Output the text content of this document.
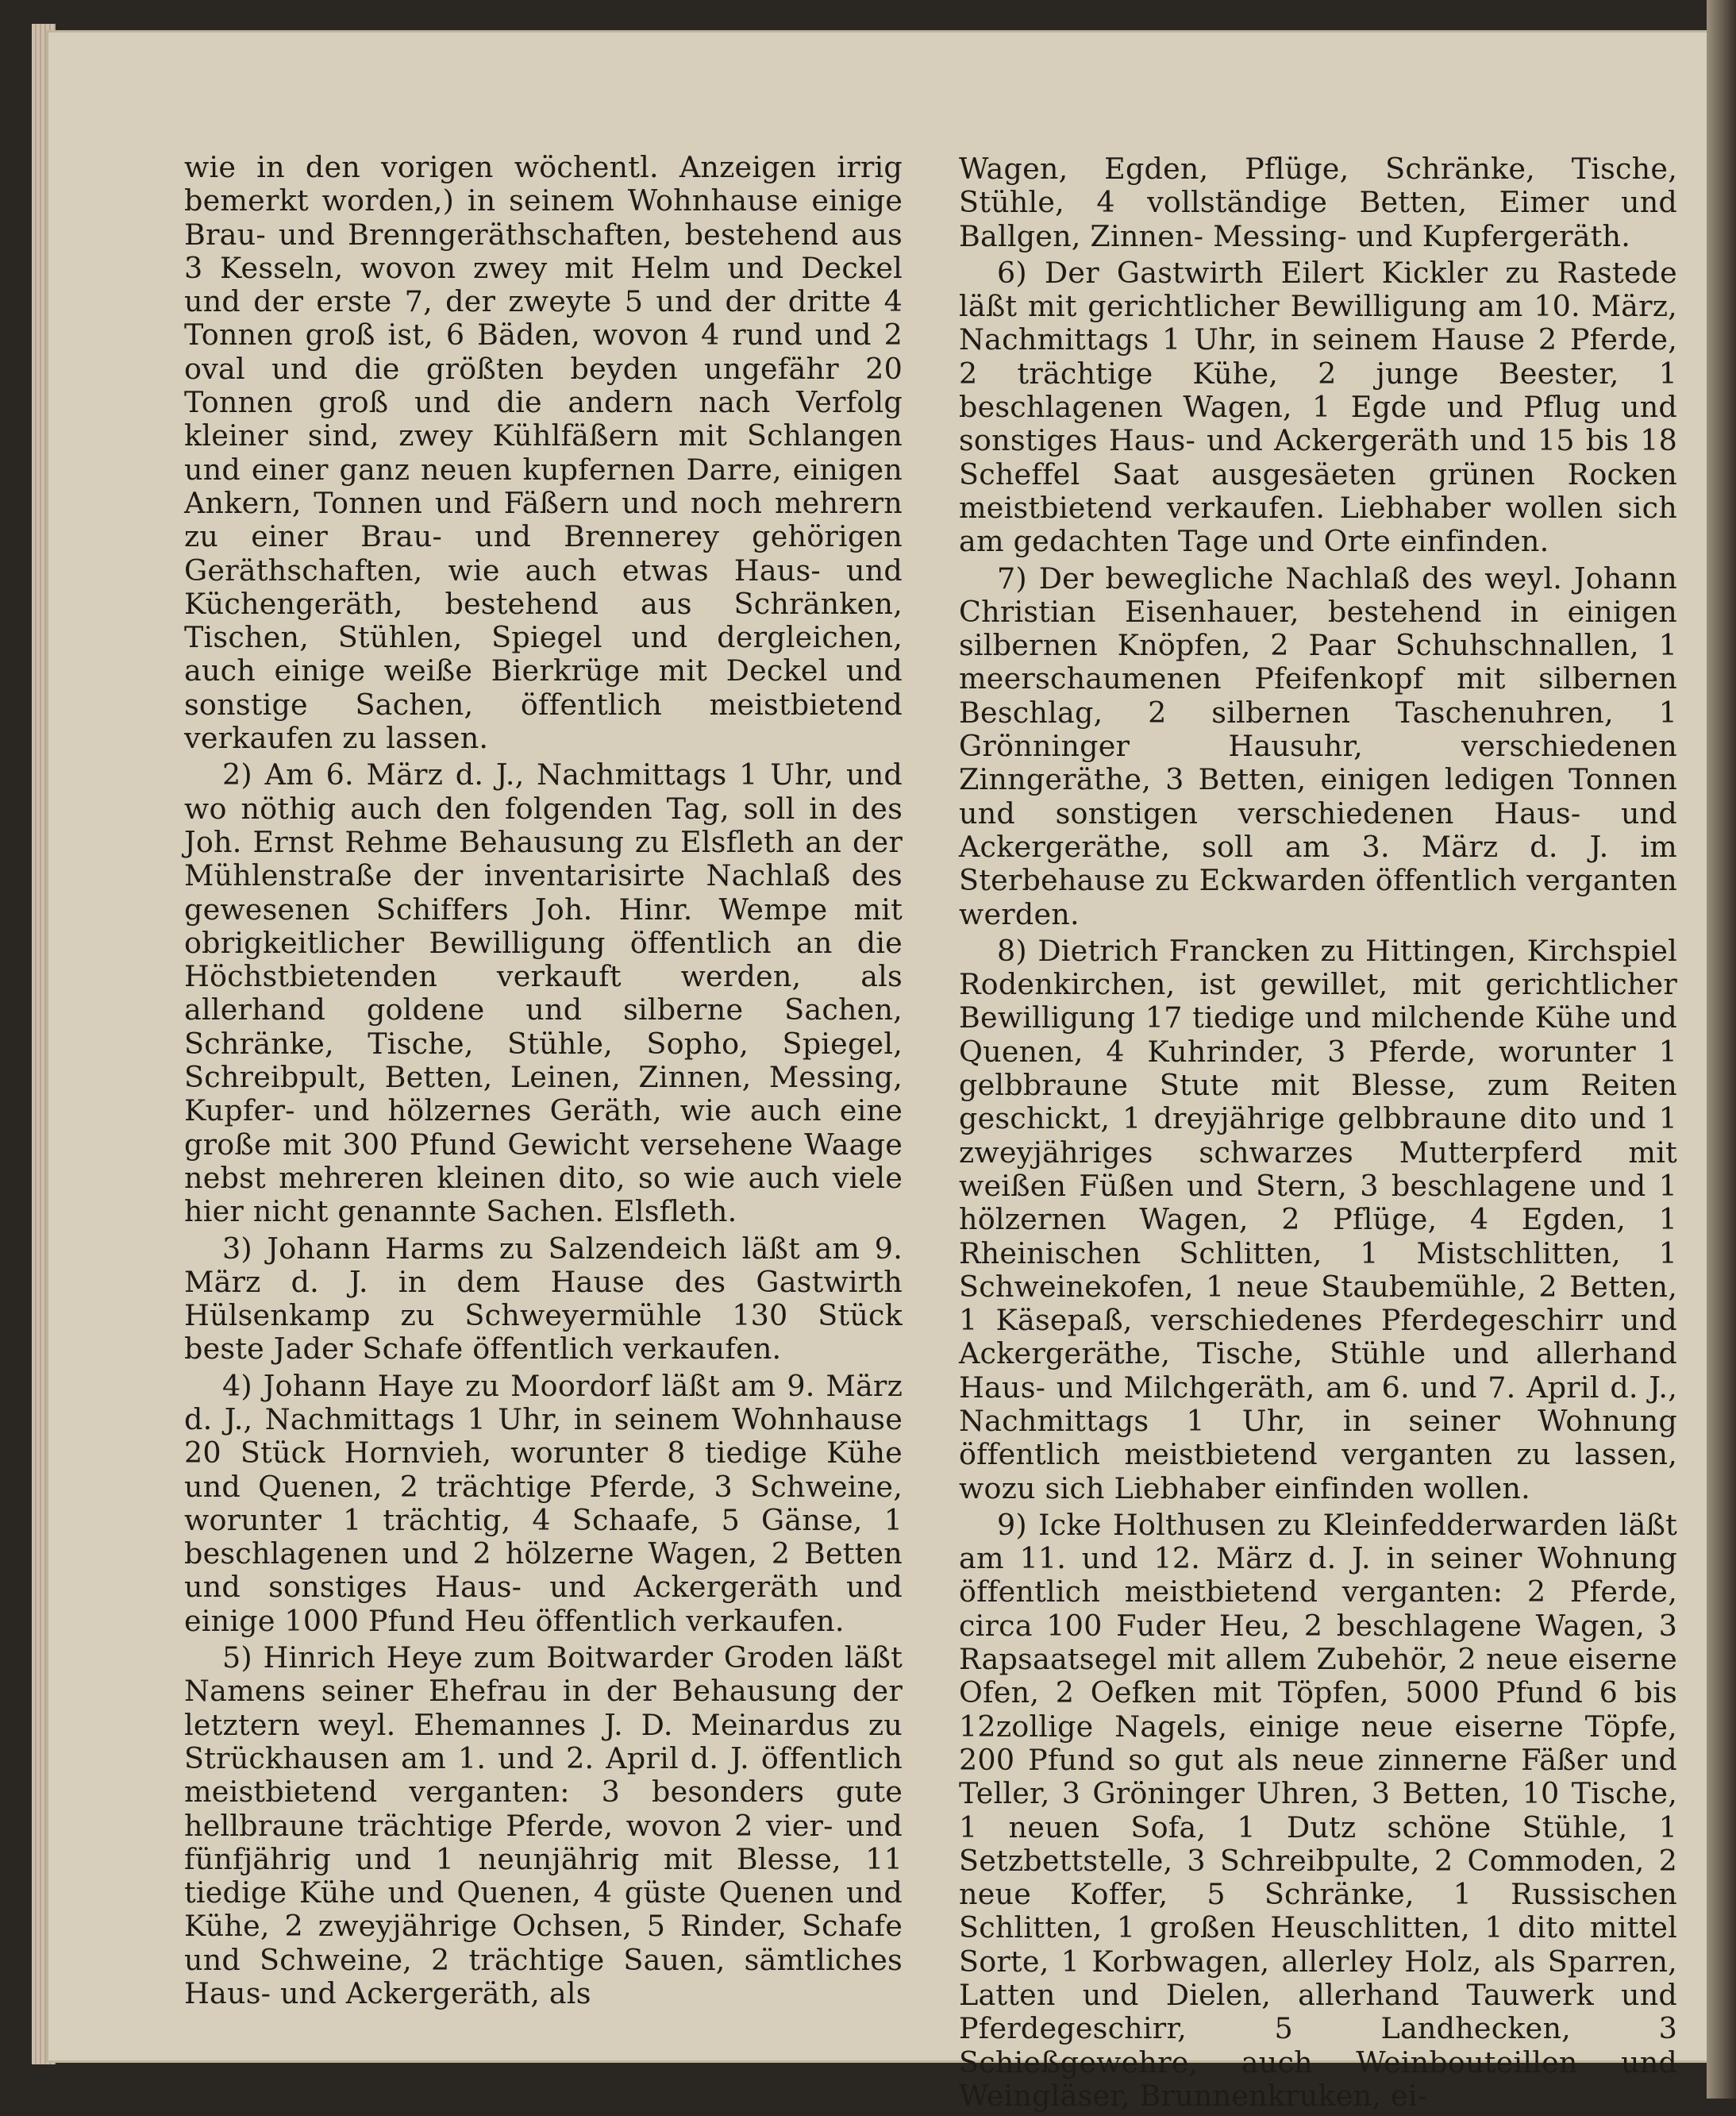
wie in den vorigen wöchentl. Anzeigen irrig bemerkt worden,) in seinem Wohnhause einige Brau- und Brenngeräthschaften, bestehend aus 3 Kesseln, wovon zwey mit Helm und Deckel und der erste 7, der zweyte 5 und der dritte 4 Tonnen groß ist, 6 Bäden, wovon 4 rund und 2 oval und die größten beyden ungefähr 20 Tonnen groß und die andern nach Verfolg kleiner sind, zwey Kühlfäßern mit Schlangen und einer ganz neuen kupfernen Darre, einigen Ankern, Tonnen und Fäßern und noch mehrern zu einer Brau- und Brennerey gehörigen Geräthschaften, wie auch etwas Haus- und Küchengeräth, bestehend aus Schränken, Tischen, Stühlen, Spiegel und dergleichen, auch einige weiße Bierkrüge mit Deckel und sonstige Sachen, öffentlich meistbietend verkaufen zu lassen.

2) Am 6. März d. J., Nachmittags 1 Uhr, und wo nöthig auch den folgenden Tag, soll in des Joh. Ernst Rehme Behausung zu Elsfleth an der Mühlenstraße der inventarisirte Nachlaß des gewesenen Schiffers Joh. Hinr. Wempe mit obrigkeitlicher Bewilligung öffentlich an die Höchstbietenden verkauft werden, als allerhand goldene und silberne Sachen, Schränke, Tische, Stühle, Sopho, Spiegel, Schreibpult, Betten, Leinen, Zinnen, Messing, Kupfer- und hölzernes Geräth, wie auch eine große mit 300 Pfund Gewicht versehene Waage nebst mehreren kleinen dito, so wie auch viele hier nicht genannte Sachen. Elsfleth.

3) Johann Harms zu Salzendeich läßt am 9. März d. J. in dem Hause des Gastwirth Hülsenkamp zu Schweyermühle 130 Stück beste Jader Schafe öffentlich verkaufen.

4) Johann Haye zu Moordorf läßt am 9. März d. J., Nachmittags 1 Uhr, in seinem Wohnhause 20 Stück Hornvieh, worunter 8 tiedige Kühe und Quenen, 2 trächtige Pferde, 3 Schweine, worunter 1 trächtig, 4 Schaafe, 5 Gänse, 1 beschlagenen und 2 hölzerne Wagen, 2 Betten und sonstiges Haus- und Ackergeräth und einige 1000 Pfund Heu öffentlich verkaufen.

5) Hinrich Heye zum Boitwarder Groden läßt Namens seiner Ehefrau in der Behausung der letztern weyl. Ehemannes J. D. Meinardus zu Strückhausen am 1. und 2. April d. J. öffentlich meistbietend verganten: 3 besonders gute hellbraune trächtige Pferde, wovon 2 vier- und fünfjährig und 1 neunjährig mit Blesse, 11 tiedige Kühe und Quenen, 4 güste Quenen und Kühe, 2 zweyjährige Ochsen, 5 Rinder, Schafe und Schweine, 2 trächtige Sauen, sämtliches Haus- und Ackergeräth, als

Wagen, Egden, Pflüge, Schränke, Tische, Stühle, 4 vollständige Betten, Eimer und Ballgen, Zinnen- Messing- und Kupfergeräth.

6) Der Gastwirth Eilert Kickler zu Rastede läßt mit gerichtlicher Bewilligung am 10. März, Nachmittags 1 Uhr, in seinem Hause 2 Pferde, 2 trächtige Kühe, 2 junge Beester, 1 beschlagenen Wagen, 1 Egde und Pflug und sonstiges Haus- und Ackergeräth und 15 bis 18 Scheffel Saat ausgesäeten grünen Rocken meistbietend verkaufen. Liebhaber wollen sich am gedachten Tage und Orte einfinden.

7) Der bewegliche Nachlaß des weyl. Johann Christian Eisenhauer, bestehend in einigen silbernen Knöpfen, 2 Paar Schuhschnallen, 1 meerschaumenen Pfeifenkopf mit silbernen Beschlag, 2 silbernen Taschenuhren, 1 Grönninger Hausuhr, verschiedenen Zinngeräthe, 3 Betten, einigen ledigen Tonnen und sonstigen verschiedenen Haus- und Ackergeräthe, soll am 3. März d. J. im Sterbehause zu Eckwarden öffentlich verganten werden.

8) Dietrich Francken zu Hittingen, Kirchspiel Rodenkirchen, ist gewillet, mit gerichtlicher Bewilligung 17 tiedige und milchende Kühe und Quenen, 4 Kuhrinder, 3 Pferde, worunter 1 gelbbraune Stute mit Blesse, zum Reiten geschickt, 1 dreyjährige gelbbraune dito und 1 zweyjähriges schwarzes Mutterpferd mit weißen Füßen und Stern, 3 beschlagene und 1 hölzernen Wagen, 2 Pflüge, 4 Egden, 1 Rheinischen Schlitten, 1 Mistschlitten, 1 Schweinekofen, 1 neue Staubemühle, 2 Betten, 1 Käsepaß, verschiedenes Pferdegeschirr und Ackergeräthe, Tische, Stühle und allerhand Haus- und Milchgeräth, am 6. und 7. April d. J., Nachmittags 1 Uhr, in seiner Wohnung öffentlich meistbietend verganten zu lassen, wozu sich Liebhaber einfinden wollen.

9) Icke Holthusen zu Kleinfedderwarden läßt am 11. und 12. März d. J. in seiner Wohnung öffentlich meistbietend verganten: 2 Pferde, circa 100 Fuder Heu, 2 beschlagene Wagen, 3 Rapsaatsegel mit allem Zubehör, 2 neue eiserne Ofen, 2 Oefken mit Töpfen, 5000 Pfund 6 bis 12zollige Nagels, einige neue eiserne Töpfe, 200 Pfund so gut als neue zinnerne Fäßer und Teller, 3 Gröninger Uhren, 3 Betten, 10 Tische, 1 neuen Sofa, 1 Dutz schöne Stühle, 1 Setzbettstelle, 3 Schreibpulte, 2 Commoden, 2 neue Koffer, 5 Schränke, 1 Russischen Schlitten, 1 großen Heuschlitten, 1 dito mittel Sorte, 1 Korbwagen, allerley Holz, als Sparren, Latten und Dielen, allerhand Tauwerk und Pferdegeschirr, 5 Landhecken, 3 Schießgewehre, auch Weinbouteillen und Weingläser, Brunnenkruken, ei-
